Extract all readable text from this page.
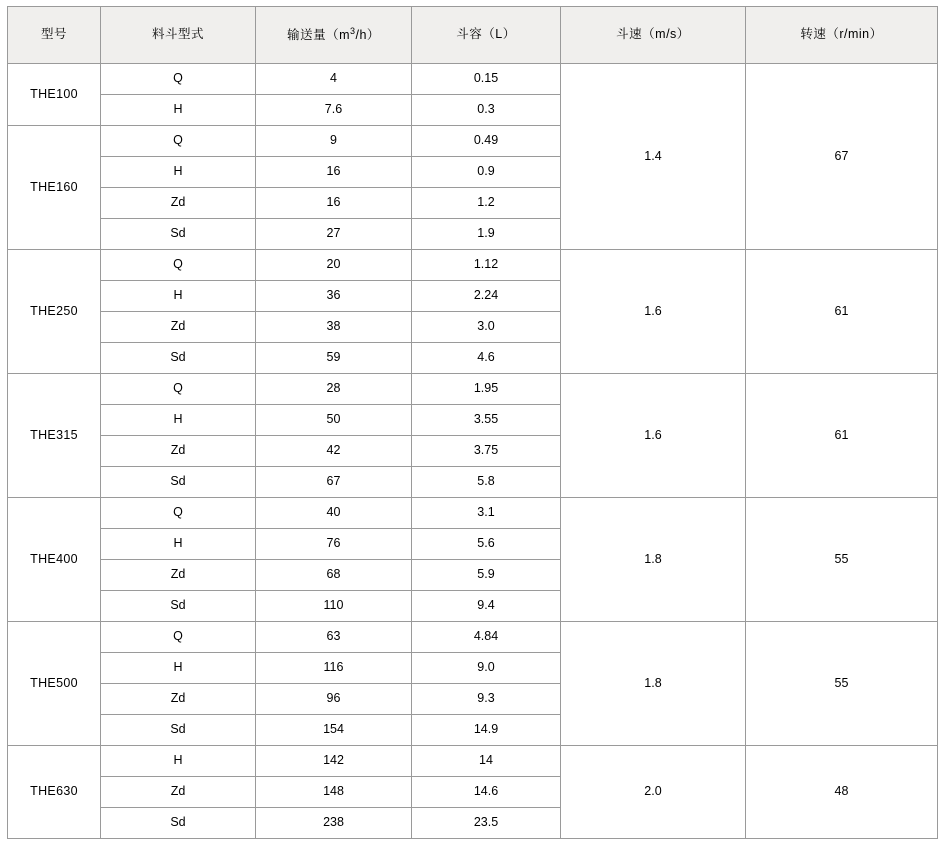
型号	料斗型式	输送量$(m^3/h)$	斗容（L）	斗速（m/s）	转速（r/min）
THE100	Q	4	0.15	1.4	67
	H	7.6	0.3		
THE160	Q	9	0.49		
	H	16	0.9		
	Zd	16	1.2		
	Sd	27	1.9		
THE250	Q	20	1.12	1.6	61
	H	36	2.24		
	Zd	38	3.0		
	Sd	59	4.6		
THE315	Q	28	1.95	1.6	61
	H	50	3.55		
	Zd	42	3.75		
	Sd	67	5.8		
THE400	Q	40	3.1	1.8	55
	H	76	5.6		
	Zd	68	5.9		
	Sd	110	9.4		
THE500	Q	63	4.84	1.8	55
	H	116	9.0		
	Zd	96	9.3		
	Sd	154	14.9		
THE630	H	142	14	2.0	48
	Zd	148	14.6		
	Sd	238	23.5		
